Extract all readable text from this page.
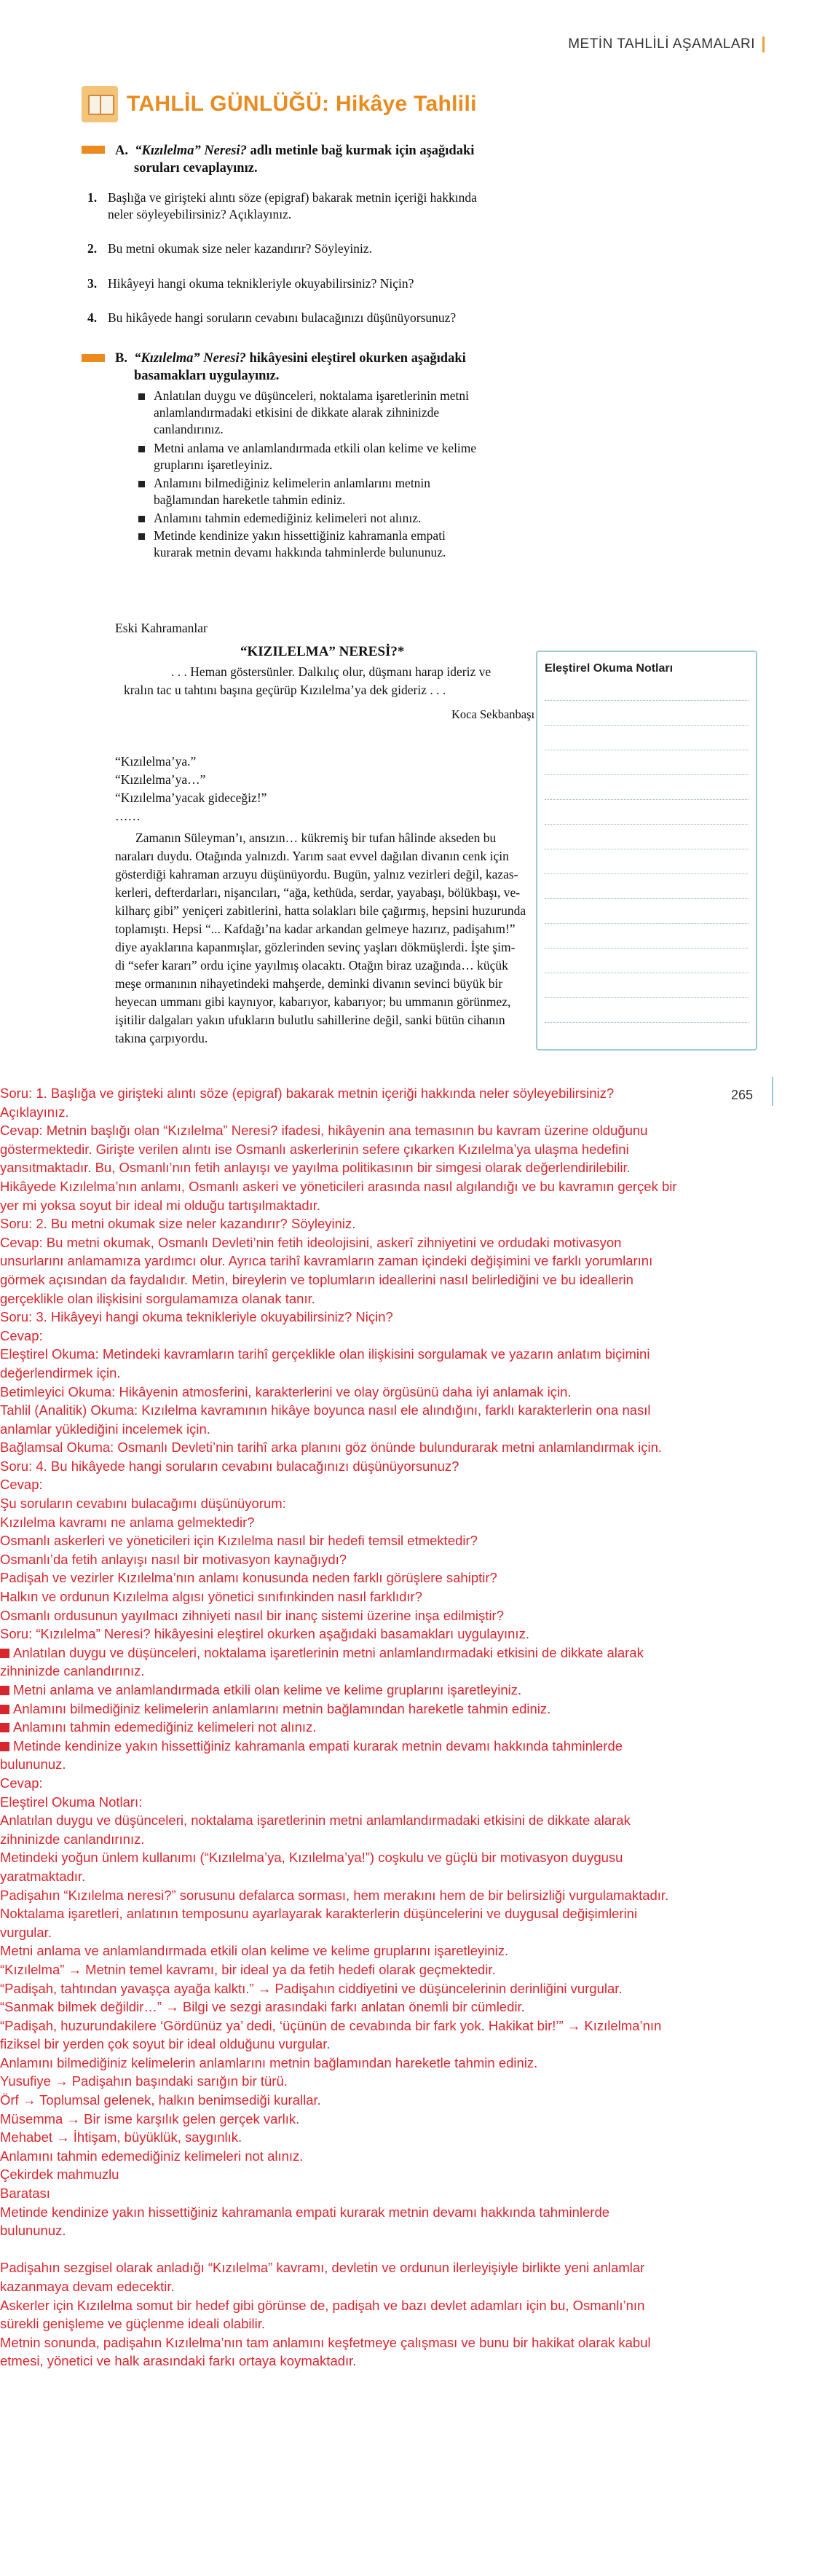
METİN TAHLİLİ AŞAMALARI
TAHLİL GÜNLÜĞÜ: Hikâye Tahlili
A. “Kızılelma” Neresi? adlı metinle bağ kurmak için aşağıdaki
soruları cevaplayınız.
1. Başlığa ve girişteki alıntı söze (epigraf) bakarak metnin içeriği hakkında
neler söyleyebilirsiniz? Açıklayınız.
2. Bu metni okumak size neler kazandırır? Söyleyiniz.
3. Hikâyeyi hangi okuma teknikleriyle okuyabilirsiniz? Niçin?
4. Bu hikâyede hangi soruların cevabını bulacağınızı düşünüyorsunuz?
B. “Kızılelma” Neresi? hikâyesini eleştirel okurken aşağıdaki
basamakları uygulayınız.
Anlatılan duygu ve düşünceleri, noktalama işaretlerinin metni
anlamlandırmadaki etkisini de dikkate alarak zihninizde
canlandırınız.
Metni anlama ve anlamlandırmada etkili olan kelime ve kelime
gruplarını işaretleyiniz.
Anlamını bilmediğiniz kelimelerin anlamlarını metnin
bağlamından hareketle tahmin ediniz.
Anlamını tahmin edemediğiniz kelimeleri not alınız.
Metinde kendinize yakın hissettiğiniz kahramanla empati
kurarak metnin devamı hakkında tahminlerde bulununuz.
Eski Kahramanlar
“KIZILELMA” NERESİ?*
. . . Heman göstersünler. Dalkılıç olur, düşmanı harap ideriz ve
kralın tac u tahtını başına geçürüp Kızılelma’ya dek gideriz . . .
Koca Sekbanbaşı
“Kızılelma’ya.”
“Kızılelma’ya…”
“Kızılelma’yacak gideceğiz!”
……
Zamanın Süleyman’ı, ansızın… kükremiş bir tufan hâlinde akseden bu
naraları duydu. Otağında yalnızdı. Yarım saat evvel dağılan divanın cenk için
gösterdiği kahraman arzuyu düşünüyordu. Bugün, yalnız vezirleri değil, kazas-
kerleri, defterdarları, nişancıları, “ağa, kethüda, serdar, yayabaşı, bölükbaşı, ve-
kilharç gibi” yeniçeri zabitlerini, hatta solakları bile çağırmış, hepsini huzurunda
toplamıştı. Hepsi “... Kafdağı’na kadar arkandan gelmeye hazırız, padişahım!”
diye ayaklarına kapanmışlar, gözlerinden sevinç yaşları dökmüşlerdi. İşte şim-
di “sefer kararı” ordu içine yayılmış olacaktı. Otağın biraz uzağında… küçük
meşe ormanının nihayetindeki mahşerde, deminki divanın sevinci büyük bir
heyecan ummanı gibi kaynıyor, kabarıyor, kabarıyor; bu ummanın görünmez,
işitilir dalgaları yakın ufukların bulutlu sahillerine değil, sanki bütün cihanın
takına çarpıyordu.
Eleştirel Okuma Notları
265
Soru: 1. Başlığa ve girişteki alıntı söze (epigraf) bakarak metnin içeriği hakkında neler söyleyebilirsiniz?
Açıklayınız.
Cevap: Metnin başlığı olan “Kızılelma” Neresi? ifadesi, hikâyenin ana temasının bu kavram üzerine olduğunu
göstermektedir. Girişte verilen alıntı ise Osmanlı askerlerinin sefere çıkarken Kızılelma’ya ulaşma hedefini
yansıtmaktadır. Bu, Osmanlı’nın fetih anlayışı ve yayılma politikasının bir simgesi olarak değerlendirilebilir.
Hikâyede Kızılelma’nın anlamı, Osmanlı askeri ve yöneticileri arasında nasıl algılandığı ve bu kavramın gerçek bir
yer mi yoksa soyut bir ideal mi olduğu tartışılmaktadır.
Soru: 2. Bu metni okumak size neler kazandırır? Söyleyiniz.
Cevap: Bu metni okumak, Osmanlı Devleti’nin fetih ideolojisini, askerî zihniyetini ve ordudaki motivasyon
unsurlarını anlamamıza yardımcı olur. Ayrıca tarihî kavramların zaman içindeki değişimini ve farklı yorumlarını
görmek açısından da faydalıdır. Metin, bireylerin ve toplumların ideallerini nasıl belirlediğini ve bu ideallerin
gerçeklikle olan ilişkisini sorgulamamıza olanak tanır.
Soru: 3. Hikâyeyi hangi okuma teknikleriyle okuyabilirsiniz? Niçin?
Cevap:
Eleştirel Okuma: Metindeki kavramların tarihî gerçeklikle olan ilişkisini sorgulamak ve yazarın anlatım biçimini
değerlendirmek için.
Betimleyici Okuma: Hikâyenin atmosferini, karakterlerini ve olay örgüsünü daha iyi anlamak için.
Tahlil (Analitik) Okuma: Kızılelma kavramının hikâye boyunca nasıl ele alındığını, farklı karakterlerin ona nasıl
anlamlar yüklediğini incelemek için.
Bağlamsal Okuma: Osmanlı Devleti’nin tarihî arka planını göz önünde bulundurarak metni anlamlandırmak için.
Soru: 4. Bu hikâyede hangi soruların cevabını bulacağınızı düşünüyorsunuz?
Cevap:
Şu soruların cevabını bulacağımı düşünüyorum:
Kızılelma kavramı ne anlama gelmektedir?
Osmanlı askerleri ve yöneticileri için Kızılelma nasıl bir hedefi temsil etmektedir?
Osmanlı’da fetih anlayışı nasıl bir motivasyon kaynağıydı?
Padişah ve vezirler Kızılelma’nın anlamı konusunda neden farklı görüşlere sahiptir?
Halkın ve ordunun Kızılelma algısı yönetici sınıfınkinden nasıl farklıdır?
Osmanlı ordusunun yayılmacı zihniyeti nasıl bir inanç sistemi üzerine inşa edilmiştir?
Soru: “Kızılelma” Neresi? hikâyesini eleştirel okurken aşağıdaki basamakları uygulayınız.
Anlatılan duygu ve düşünceleri, noktalama işaretlerinin metni anlamlandırmadaki etkisini de dikkate alarak
zihninizde canlandırınız.
Metni anlama ve anlamlandırmada etkili olan kelime ve kelime gruplarını işaretleyiniz.
Anlamını bilmediğiniz kelimelerin anlamlarını metnin bağlamından hareketle tahmin ediniz.
Anlamını tahmin edemediğiniz kelimeleri not alınız.
Metinde kendinize yakın hissettiğiniz kahramanla empati kurarak metnin devamı hakkında tahminlerde
bulununuz.
Cevap:
Eleştirel Okuma Notları:
Anlatılan duygu ve düşünceleri, noktalama işaretlerinin metni anlamlandırmadaki etkisini de dikkate alarak
zihninizde canlandırınız.
Metindeki yoğun ünlem kullanımı (“Kızılelma’ya, Kızılelma’ya!”) coşkulu ve güçlü bir motivasyon duygusu
yaratmaktadır.
Padişahın “Kızılelma neresi?” sorusunu defalarca sorması, hem merakını hem de bir belirsizliği vurgulamaktadır.
Noktalama işaretleri, anlatının temposunu ayarlayarak karakterlerin düşüncelerini ve duygusal değişimlerini
vurgular.
Metni anlama ve anlamlandırmada etkili olan kelime ve kelime gruplarını işaretleyiniz.
“Kızılelma” → Metnin temel kavramı, bir ideal ya da fetih hedefi olarak geçmektedir.
“Padişah, tahtından yavaşça ayağa kalktı.” → Padişahın ciddiyetini ve düşüncelerinin derinliğini vurgular.
“Sanmak bilmek değildir…” → Bilgi ve sezgi arasındaki farkı anlatan önemli bir cümledir.
“Padişah, huzurundakilere ‘Gördünüz ya’ dedi, ‘üçünün de cevabında bir fark yok. Hakikat bir!’” → Kızılelma’nın
fiziksel bir yerden çok soyut bir ideal olduğunu vurgular.
Anlamını bilmediğiniz kelimelerin anlamlarını metnin bağlamından hareketle tahmin ediniz.
Yusufiye → Padişahın başındaki sarığın bir türü.
Örf → Toplumsal gelenek, halkın benimsediği kurallar.
Müsemma → Bir isme karşılık gelen gerçek varlık.
Mehabet → İhtişam, büyüklük, saygınlık.
Anlamını tahmin edemediğiniz kelimeleri not alınız.
Çekirdek mahmuzlu
Baratası
Metinde kendinize yakın hissettiğiniz kahramanla empati kurarak metnin devamı hakkında tahminlerde
bulununuz.

Padişahın sezgisel olarak anladığı “Kızılelma” kavramı, devletin ve ordunun ilerleyişiyle birlikte yeni anlamlar
kazanmaya devam edecektir.
Askerler için Kızılelma somut bir hedef gibi görünse de, padişah ve bazı devlet adamları için bu, Osmanlı’nın
sürekli genişleme ve güçlenme ideali olabilir.
Metnin sonunda, padişahın Kızılelma’nın tam anlamını keşfetmeye çalışması ve bunu bir hakikat olarak kabul
etmesi, yönetici ve halk arasındaki farkı ortaya koymaktadır.
